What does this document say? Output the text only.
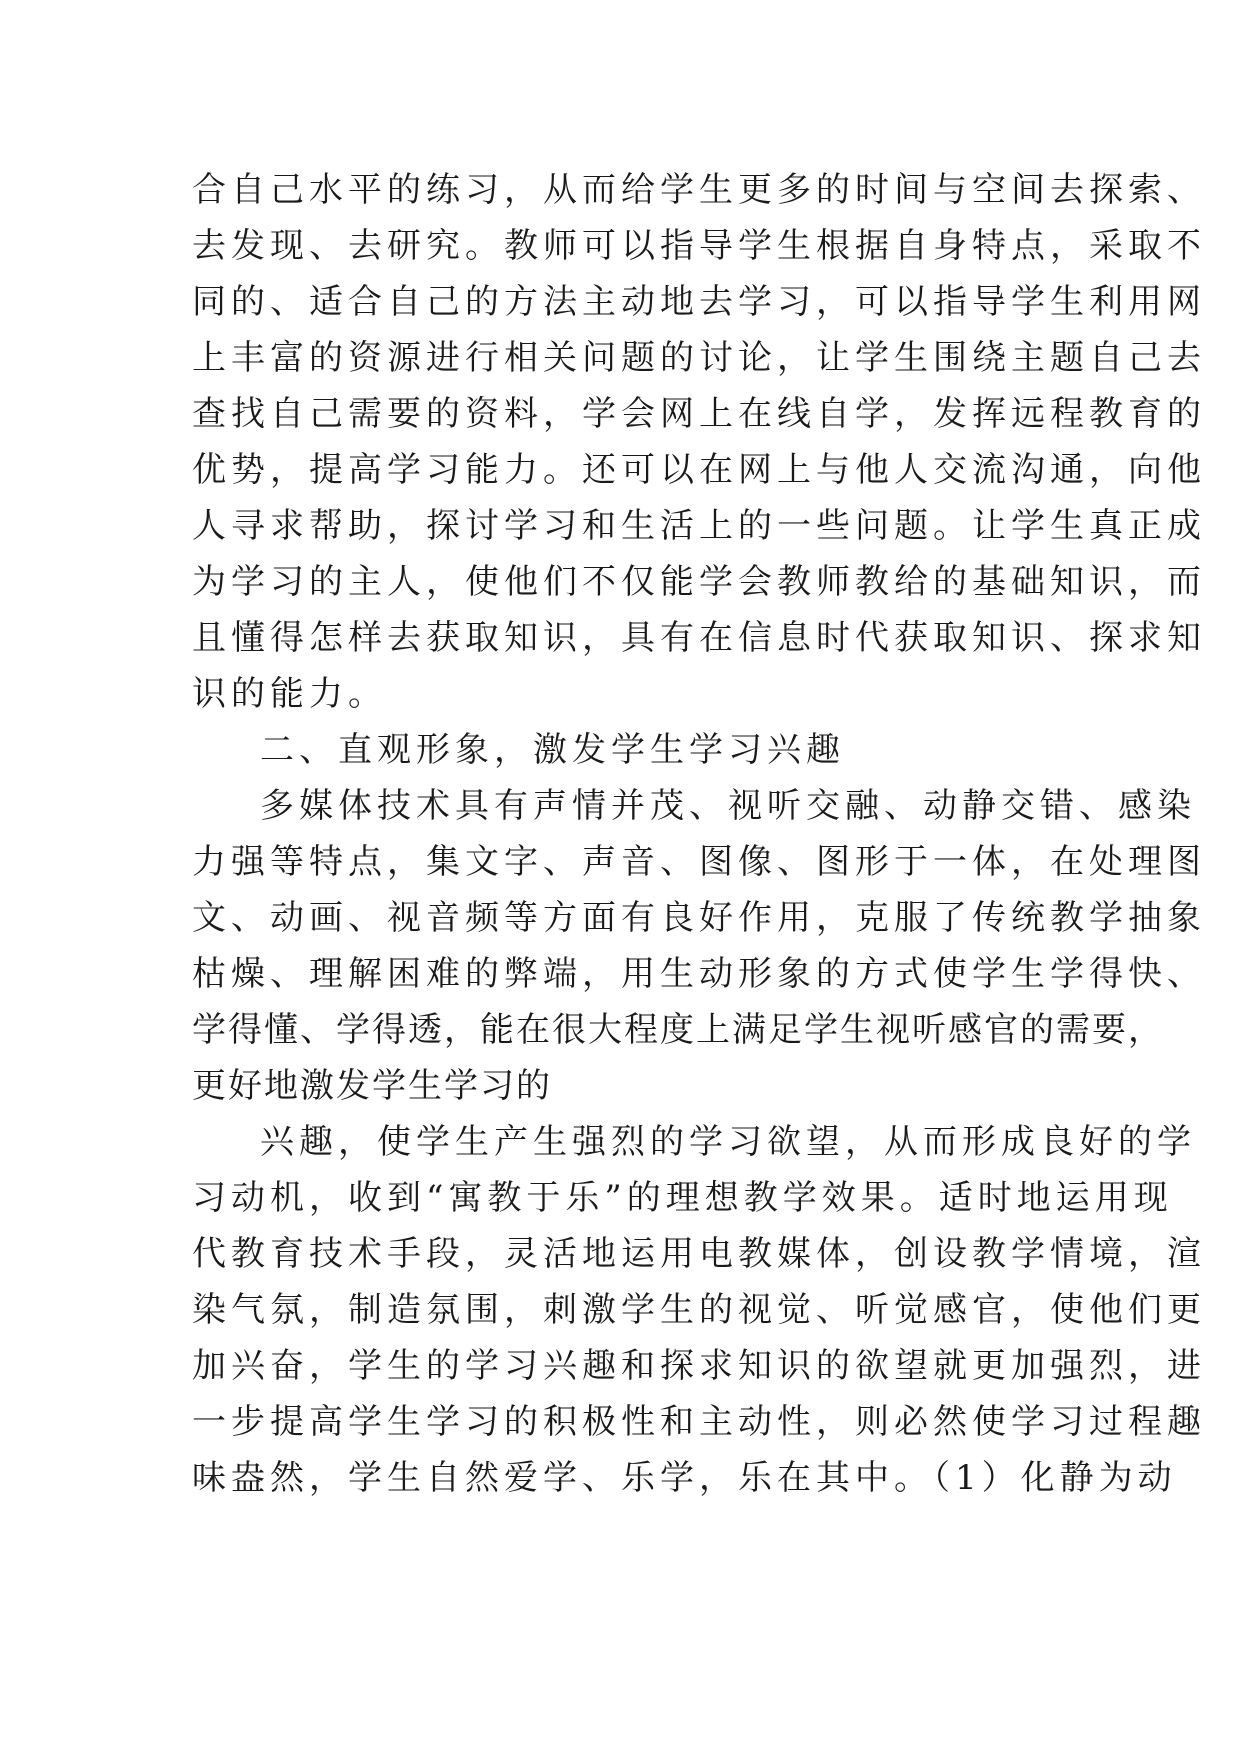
合自己水平的练习，从而给学生更多的时间与空间去探索、
去发现、去研究。教师可以指导学生根据自身特点，采取不
同的、适合自己的方法主动地去学习，可以指导学生利用网
上丰富的资源进行相关问题的讨论，让学生围绕主题自己去
查找自己需要的资料，学会网上在线自学，发挥远程教育的
优势，提高学习能力。还可以在网上与他人交流沟通，向他
人寻求帮助，探讨学习和生活上的一些问题。让学生真正成
为学习的主人，使他们不仅能学会教师教给的基础知识，而
且懂得怎样去获取知识，具有在信息时代获取知识、探求知
识的能力。
二、直观形象，激发学生学习兴趣
多媒体技术具有声情并茂、视听交融、动静交错、感染
力强等特点，集文字、声音、图像、图形于一体，在处理图
文、动画、视音频等方面有良好作用，克服了传统教学抽象
枯燥、理解困难的弊端，用生动形象的方式使学生学得快、
学得懂、学得透，能在很大程度上满足学生视听感官的需要，
更好地激发学生学习的
兴趣，使学生产生强烈的学习欲望，从而形成良好的学
习动机，收到“寓教于乐”的理想教学效果。适时地运用现
代教育技术手段，灵活地运用电教媒体，创设教学情境，渲
染气氛，制造氛围，刺激学生的视觉、听觉感官，使他们更
加兴奋，学生的学习兴趣和探求知识的欲望就更加强烈，进
一步提高学生学习的积极性和主动性，则必然使学习过程趣
味盎然，学生自然爱学、乐学，乐在其中。（1）化静为动
